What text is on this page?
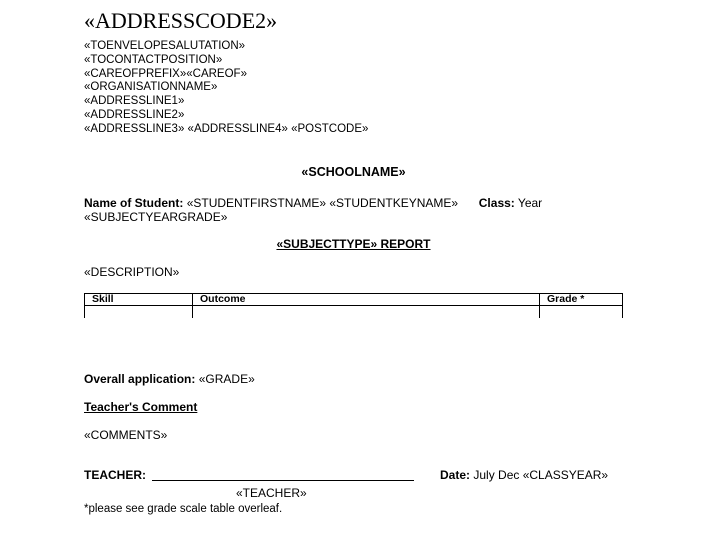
«ADDRESSCODE2»
«TOENVELOPESALUTATION»
«TOCONTACTPOSITION»
«CAREOFPREFIX»«CAREOF»
«ORGANISATIONNAME»
«ADDRESSLINE1»
«ADDRESSLINE2»
«ADDRESSLINE3» «ADDRESSLINE4» «POSTCODE»
«SCHOOLNAME»
Name of Student: «STUDENTFIRSTNAME» «STUDENTKEYNAME» Class: Year
«SUBJECTYEARGRADE»
«SUBJECTTYPE» REPORT
«DESCRIPTION»
Skill	Outcome	Grade *

Overall application: «GRADE»
Teacher's Comment
«COMMENTS»
TEACHER:	Date: July Dec «CLASSYEAR»
«TEACHER»
*please see grade scale table overleaf.
